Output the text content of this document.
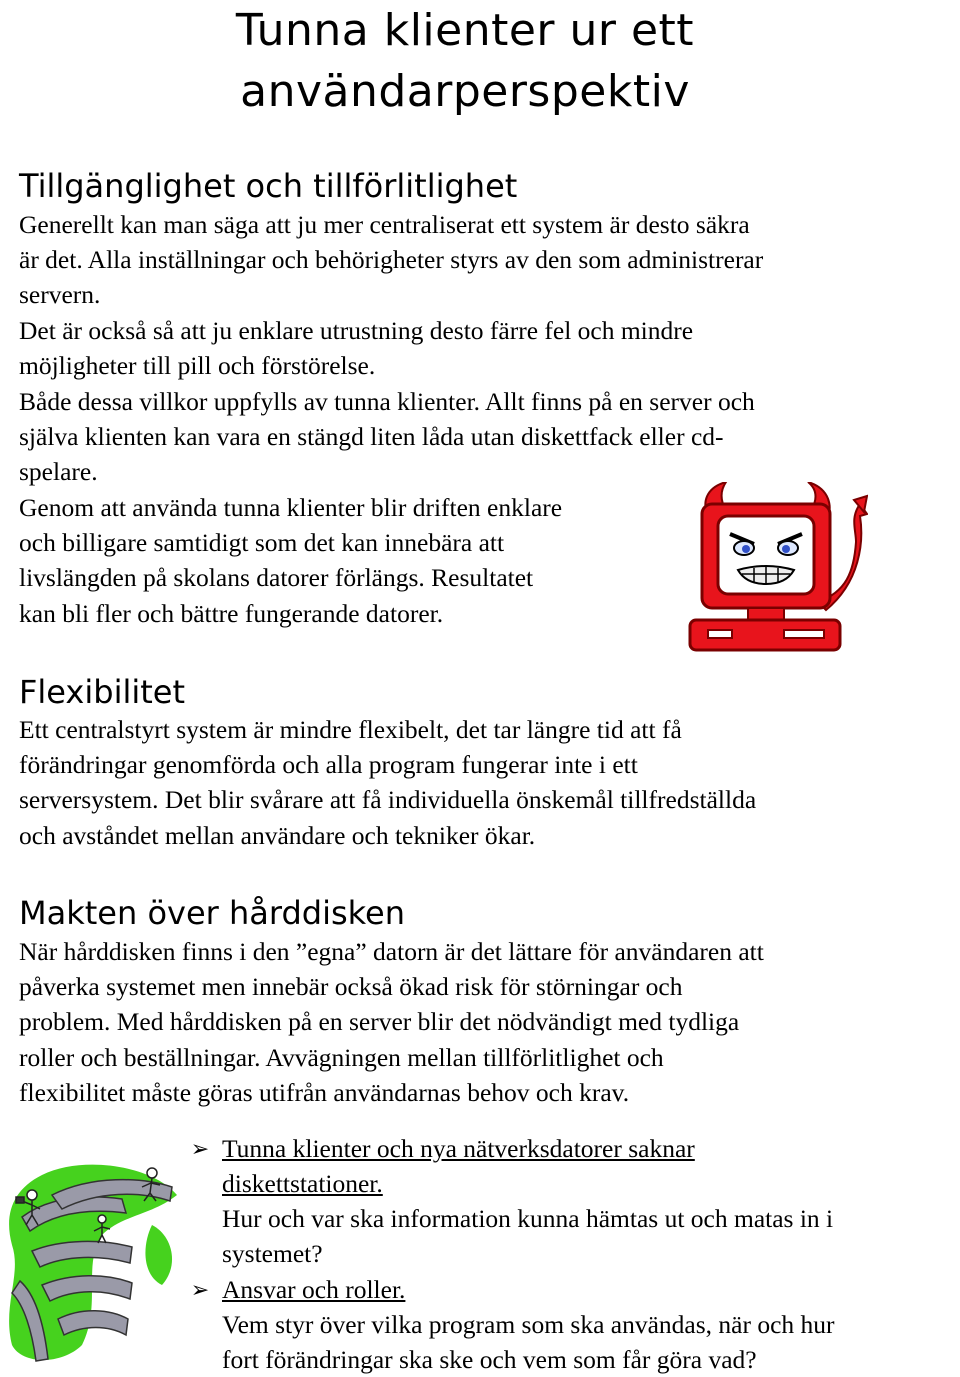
Tunna klienter ur ett
användarperspektiv
Tillgänglighet och tillförlitlighet

Generellt kan man säga att ju mer centraliserat ett system är desto säkra
är det. Alla inställningar och behörigheter styrs av den som administrerar
servern.

Det är också så att ju enklare utrustning desto färre fel och mindre
möjligheter till pill och förstörelse.

Både dessa villkor uppfylls av tunna klienter. Allt finns på en server och
själva klienten kan vara en stängd liten låda utan diskettfack eller cd-
spelare.

Genom att använda tunna klienter blir driften enklare
och billigare samtidigt som det kan innebära att
livslängden på skolans datorer förlängs. Resultatet
kan bli fler och bättre fungerande datorer.

Flexibilitet

Ett centralstyrt system är mindre flexibelt, det tar längre tid att få
förändringar genomförda och alla program fungerar inte i ett
serversystem. Det blir svårare att få individuella önskemål tillfredställda
och avståndet mellan användare och tekniker ökar.

Makten över hårddisken

När hårddisken finns i den ”egna” datorn är det lättare för användaren att
påverka systemet men innebär också ökad risk för störningar och
problem. Med hårddisken på en server blir det nödvändigt med tydliga
roller och beställningar. Avvägningen mellan tillförlitlighet och
flexibilitet måste göras utifrån användarnas behov och krav.

➢ Tunna klienter och nya nätverksdatorer saknar
diskettstationer.
Hur och var ska information kunna hämtas ut och matas in i
systemet?
➢ Ansvar och roller.
Vem styr över vilka program som ska användas, när och hur
fort förändringar ska ske och vem som får göra vad?
